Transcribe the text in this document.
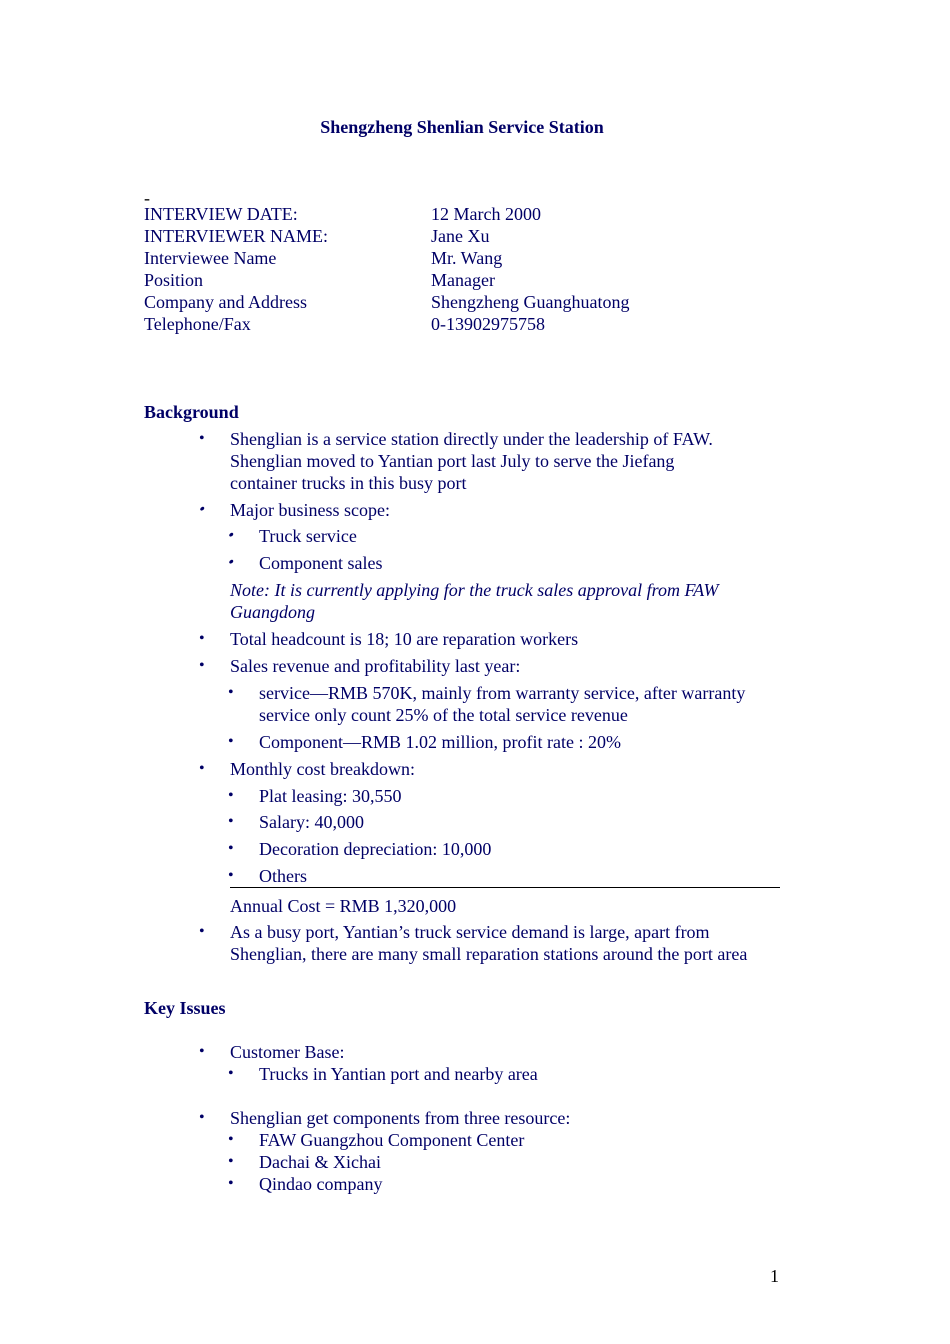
Shengzheng Shenlian Service Station
-
INTERVIEW DATE:	12 March 2000
INTERVIEWER NAME:	Jane Xu
Interviewee Name	Mr. Wang
Position	Manager
Company and Address	Shengzheng Guanghuatong
Telephone/Fax	0-13902975758
Background
• Shenglian is a service station directly under the leadership of FAW.
Shenglian moved to Yantian port last July to serve the Jiefang
container trucks in this busy port
• Major business scope:
• Truck service
• Component sales
Note: It is currently applying for the truck sales approval from FAW
Guangdong
• Total headcount is 18; 10 are reparation workers
• Sales revenue and profitability last year:
• service—RMB 570K, mainly from warranty service, after warranty
service only count 25% of the total service revenue
• Component—RMB 1.02 million, profit rate : 20%
• Monthly cost breakdown:
• Plat leasing: 30,550
• Salary: 40,000
• Decoration depreciation: 10,000
• Others
Annual Cost = RMB 1,320,000
• As a busy port, Yantian’s truck service demand is large, apart from
Shenglian, there are many small reparation stations around the port area
Key Issues
• Customer Base:
• Trucks in Yantian port and nearby area
• Shenglian get components from three resource:
• FAW Guangzhou Component Center
• Dachai & Xichai
• Qindao company
1
